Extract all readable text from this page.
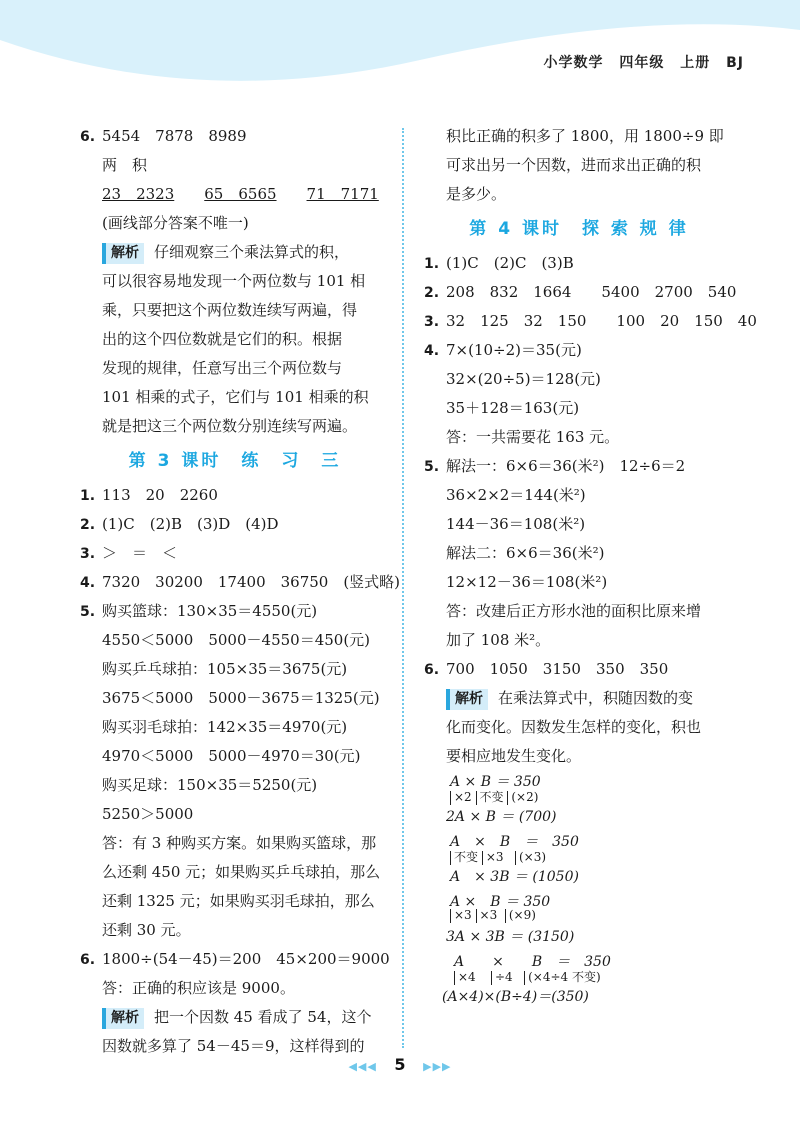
小学数学 四年级 上册 BJ
6. 5454　7878　8989
两　积
23　2323 65　6565 71　7171
(画线部分答案不唯一)
解析 仔细观察三个乘法算式的积，
可以很容易地发现一个两位数与 101 相
乘，只要把这个两位数连续写两遍，得
出的这个四位数就是它们的积。根据
发现的规律，任意写出三个两位数与
101 相乘的式子，它们与 101 相乘的积
就是把这三个两位数分别连续写两遍。
第 3 课时　练　习　三
1. 113　20　2260
2. (1)C　(2)B　(3)D　(4)D
3. ＞　＝　＜
4. 7320　30200　17400　36750　(竖式略)
5. 购买篮球：130×35＝4550(元)
4550＜5000　5000－4550＝450(元)
购买乒乓球拍：105×35＝3675(元)
3675＜5000　5000－3675＝1325(元)
购买羽毛球拍：142×35＝4970(元)
4970＜5000　5000－4970＝30(元)
购买足球：150×35＝5250(元)
5250＞5000
答：有 3 种购买方案。如果购买篮球，那
么还剩 450 元；如果购买乒乓球拍，那么
还剩 1325 元；如果购买羽毛球拍，那么
还剩 30 元。
6. 1800÷(54－45)＝200　45×200＝9000
答：正确的积应该是 9000。
解析 把一个因数 45 看成了 54，这个
因数就多算了 54－45＝9，这样得到的
积比正确的积多了 1800，用 1800÷9 即
可求出另一个因数，进而求出正确的积
是多少。
第 4 课时　探 索 规 律
1. (1)C　(2)C　(3)B
2. 208　832　1664　　5400　2700　540
3. 32　125　32　150　　100　20　150　40
4. 7×(10÷2)＝35(元)
32×(20÷5)＝128(元)
35＋128＝163(元)
答：一共需要花 163 元。
5. 解法一：6×6＝36(米²)　12÷6＝2
36×2×2＝144(米²)
144－36＝108(米²)
解法二：6×6＝36(米²)
12×12－36＝108(米²)
答：改建后正方形水池的面积比原来增
加了 108 米²。
6. 700　1050　3150　350　350
解析 在乘法算式中，积随因数的变
化而变化。因数发生怎样的变化，积也
要相应地发生变化。
A × B ＝ 350
×2 不变 (×2)
2A × B ＝ (700)
A　×　B　＝　350
不变 ×3 (×3)
A　× 3B ＝ (1050)
A ×　B ＝ 350
×3 ×3 (×9)
3A × 3B ＝ (3150)
A　　×　　B　＝　350
×4 ÷4 (×4÷4 不变)
(A×4)×(B÷4)＝(350)
◀◀◀ 5 ▶▶▶
